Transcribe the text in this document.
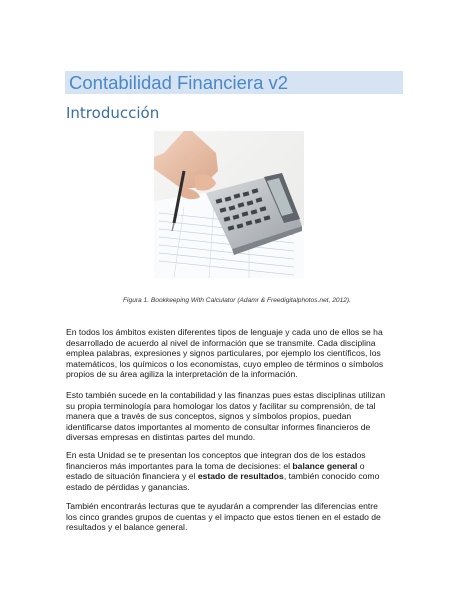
Contabilidad Financiera v2
Introducción
Figura 1. Bookkeeping With Calculator (Adamr & Freedigitalphotos.net, 2012).
En todos los ámbitos existen diferentes tipos de lenguaje y cada uno de ellos se ha
desarrollado de acuerdo al nivel de información que se transmite. Cada disciplina
emplea palabras, expresiones y signos particulares, por ejemplo los científicos, los
matemáticos, los químicos o los economistas, cuyo empleo de términos o símbolos
propios de su área agiliza la interpretación de la información.
Esto también sucede en la contabilidad y las finanzas pues estas disciplinas utilizan
su propia terminología para homologar los datos y facilitar su comprensión, de tal
manera que a través de sus conceptos, signos y símbolos propios, puedan
identificarse datos importantes al momento de consultar informes financieros de
diversas empresas en distintas partes del mundo.
En esta Unidad se te presentan los conceptos que integran dos de los estados
financieros más importantes para la toma de decisiones: el balance general o
estado de situación financiera y el estado de resultados, también conocido como
estado de pérdidas y ganancias.
También encontrarás lecturas que te ayudarán a comprender las diferencias entre
los cinco grandes grupos de cuentas y el impacto que estos tienen en el estado de
resultados y el balance general.
